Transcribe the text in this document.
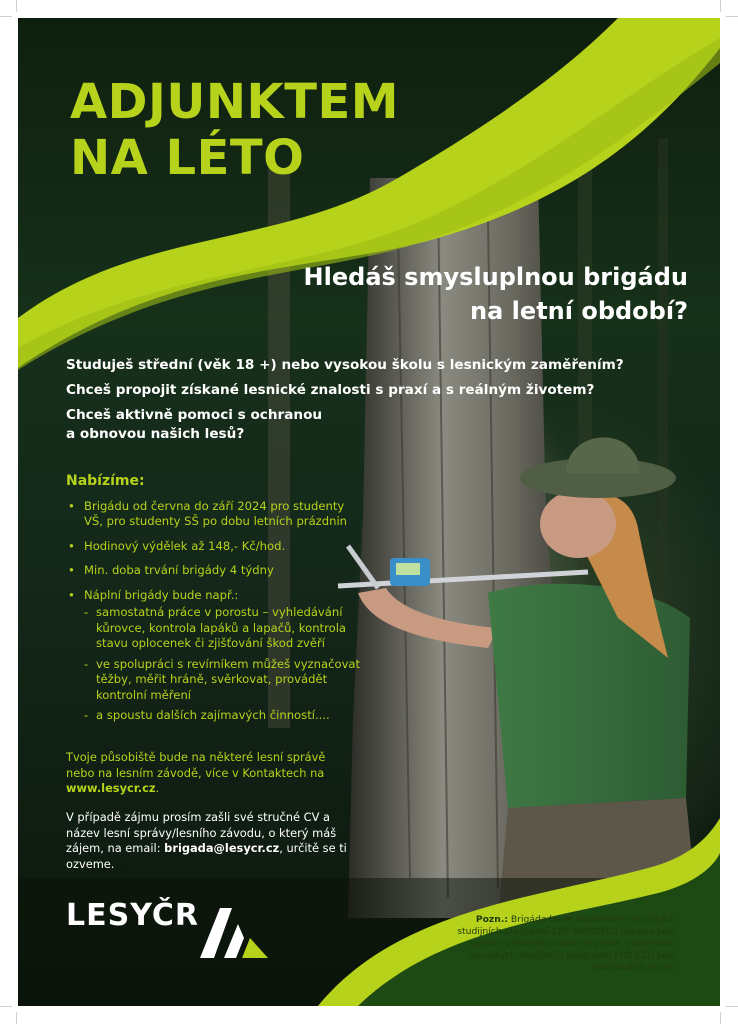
ADJUNKTEM
NA LÉTO
Hledáš smysluplnou brigádu
na letní období?

Studuješ střední (věk 18 +) nebo vysokou školu s lesnickým zaměřením?

Chceš propojit získané lesnické znalosti s praxí a s reálným životem?

Chceš aktivně pomoci s ochranou
a obnovou našich lesů?

Nabízíme:
• Brigádu od června do září 2024 pro studenty VŠ, pro studenty SŠ po dobu letních prázdnin
• Hodinový výdělek až 148,- Kč/hod.
• Min. doba trvání brigády 4 týdny
• Náplní brigády bude např.:
- samostatná práce v porostu – vyhledávání kůrovce, kontrola lapáků a lapačů, kontrola stavu oplocenek či zjišťování škod zvěří
- ve spolupráci s revírníkem můžeš vyznačovat těžby, měřit hráně, svěrkovat, provádět kontrolní měření
- a spoustu dalších zajímavých činností....

Tvoje působiště bude na některé lesní správě nebo na lesním závodě, více v Kontaktech na www.lesycr.cz.

V případě zájmu prosím zašli své stručné CV a název lesní správy/lesního závodu, o který máš zájem, na email: brigada@lesycr.cz, určitě se ti ozveme.

LESYČR	Pozn.: Brigáda bude studentům lesnických studijních programů LDF MENDELU uznána jako splnění předmětu odborné praxe, studentům lesnických studijních programů FLD ČZU jako individuální praxe.
